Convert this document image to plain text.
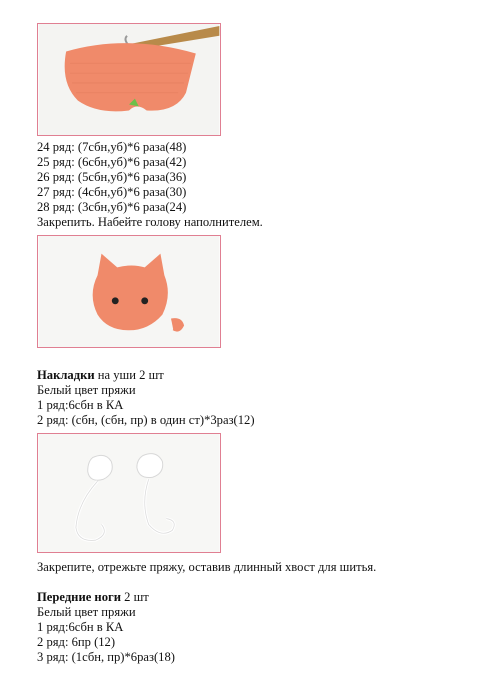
24 ряд: (7сбн,уб)*6 раза(48)
25 ряд: (6сбн,уб)*6 раза(42)
26 ряд: (5сбн,уб)*6 раза(36)
27 ряд: (4сбн,уб)*6 раза(30)
28 ряд: (3сбн,уб)*6 раза(24)
Закрепить. Набейте голову наполнителем.
Накладки на уши 2 шт
Белый цвет пряжи
1 ряд:6сбн в КА
2 ряд: (сбн, (сбн, пр) в один ст)*3раз(12)
Закрепите, отрежьте пряжу, оставив длинный хвост для шитья.
Передние ноги 2 шт
Белый цвет пряжи
1 ряд:6сбн в КА
2 ряд: 6пр (12)
3 ряд: (1сбн, пр)*6раз(18)
